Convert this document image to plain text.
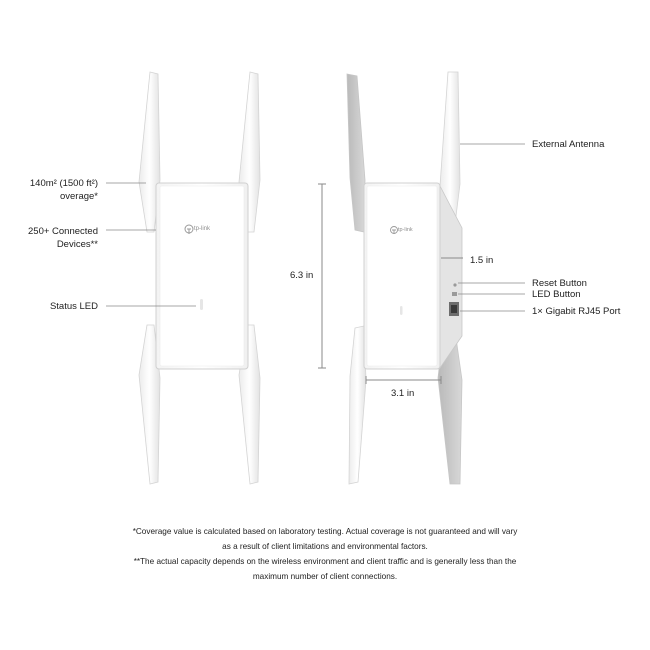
140m² (1500 ft²)
overage*
250+ Connected
Devices**
Status LED
tp-link	tp-link
6.3 in
1.5 in
3.1 in
External Antenna
Reset Button
LED Button
1× Gigabit RJ45 Port
*Coverage value is calculated based on laboratory testing. Actual coverage is not guaranteed and will vary
as a result of client limitations and environmental factors.
**The actual capacity depends on the wireless environment and client traffic and is generally less than the
maximum number of client connections.
